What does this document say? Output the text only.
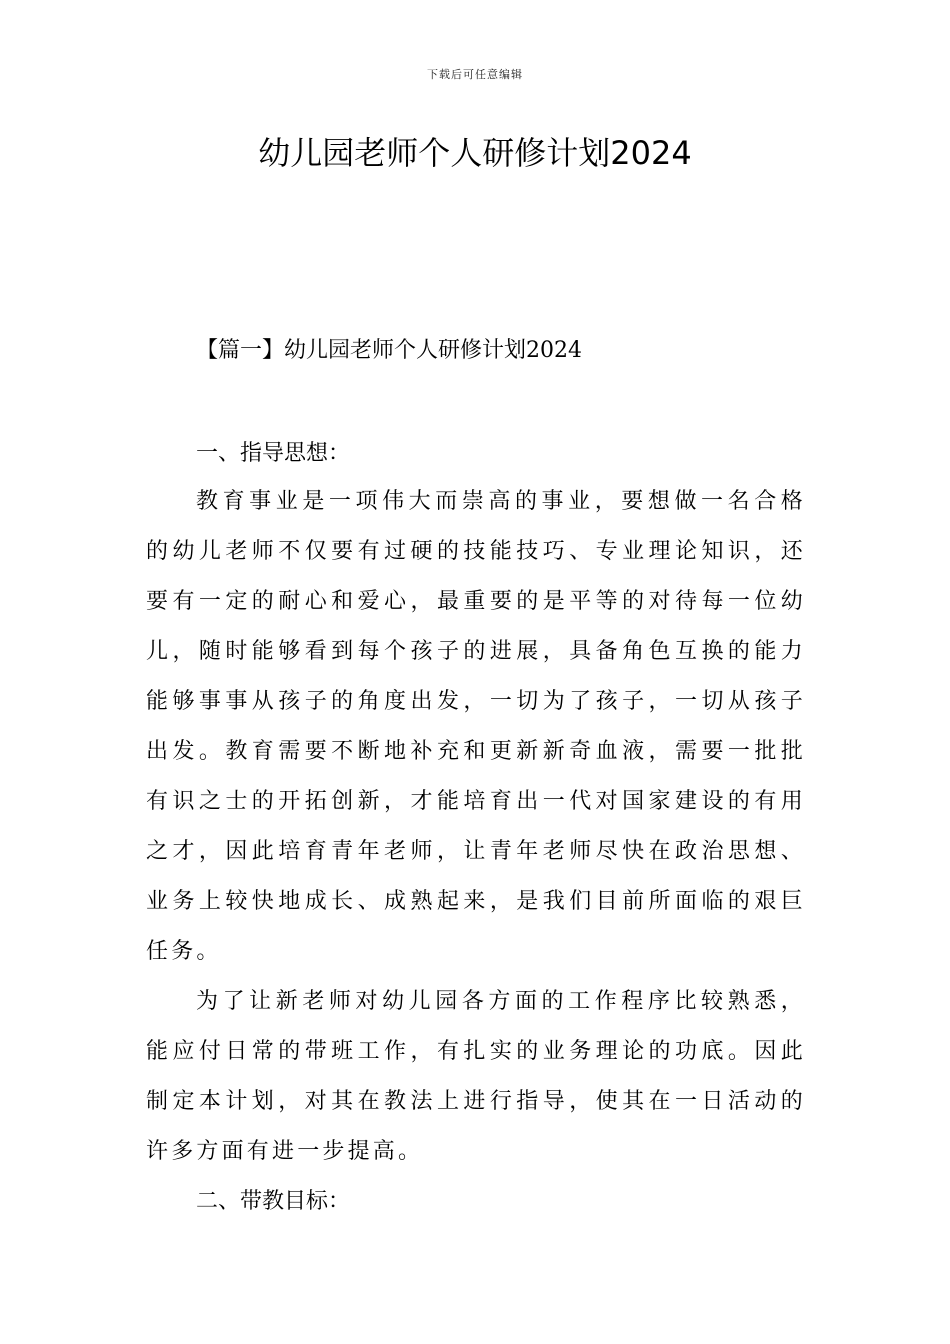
下载后可任意编辑
幼儿园老师个人研修计划2024
【篇一】幼儿园老师个人研修计划2024
一、指导思想：
教育事业是一项伟大而崇高的事业，要想做一名合格
的幼儿老师不仅要有过硬的技能技巧、专业理论知识，还
要有一定的耐心和爱心，最重要的是平等的对待每一位幼
儿，随时能够看到每个孩子的进展，具备角色互换的能力
能够事事从孩子的角度出发，一切为了孩子，一切从孩子
出发。教育需要不断地补充和更新新奇血液，需要一批批
有识之士的开拓创新，才能培育出一代对国家建设的有用
之才，因此培育青年老师，让青年老师尽快在政治思想、
业务上较快地成长、成熟起来，是我们目前所面临的艰巨
任务。
为了让新老师对幼儿园各方面的工作程序比较熟悉，
能应付日常的带班工作，有扎实的业务理论的功底。因此
制定本计划，对其在教法上进行指导，使其在一日活动的
许多方面有进一步提高。
二、带教目标：
